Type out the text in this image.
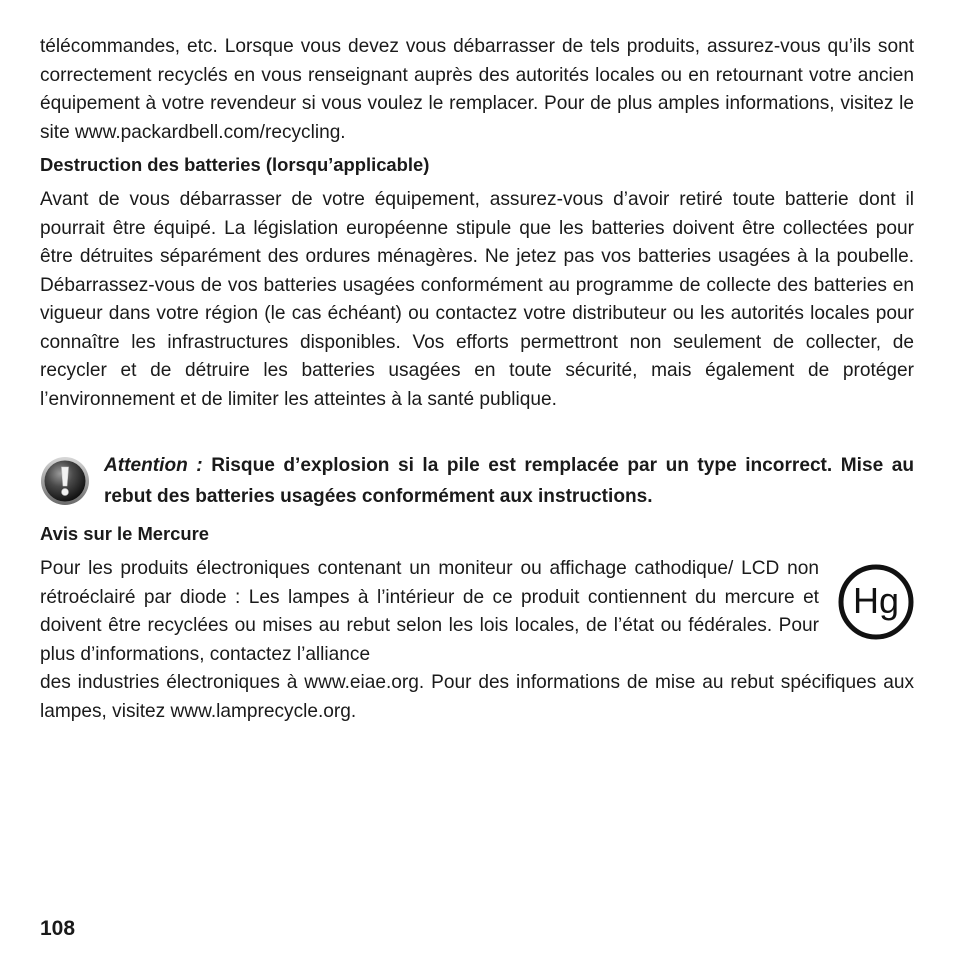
télécommandes, etc. Lorsque vous devez vous débarrasser de tels produits, assurez-vous qu’ils sont correctement recyclés en vous renseignant auprès des autorités locales ou en retournant votre ancien équipement à votre revendeur si vous voulez le remplacer. Pour de plus amples informations, visitez le site www.packardbell.com/recycling.

Destruction des batteries (lorsqu’applicable)

Avant de vous débarrasser de votre équipement, assurez-vous d’avoir retiré toute batterie dont il pourrait être équipé. La législation européenne stipule que les batteries doivent être collectées pour être détruites séparément des ordures ménagères. Ne jetez pas vos batteries usagées à la poubelle. Débarrassez-vous de vos batteries usagées conformément au programme de collecte des batteries en vigueur dans votre région (le cas échéant) ou contactez votre distributeur ou les autorités locales pour connaître les infrastructures disponibles. Vos efforts permettront non seulement de collecter, de recycler et de détruire les batteries usagées en toute sécurité, mais également de protéger l’environnement et de limiter les atteintes à la santé publique.

Attention : Risque d’explosion si la pile est remplacée par un type incorrect. Mise au rebut des batteries usagées conformément aux instructions.

Avis sur le Mercure
Hg

Pour les produits électroniques contenant un moniteur ou affichage cathodique/ LCD non rétroéclairé par diode : Les lampes à l’intérieur de ce produit contiennent du mercure et doivent être recyclées ou mises au rebut selon les lois locales, de l’état ou fédérales. Pour plus d’informations, contactez l’alliance

des industries électroniques à www.eiae.org. Pour des informations de mise au rebut spécifiques aux lampes, visitez www.lamprecycle.org.

108
